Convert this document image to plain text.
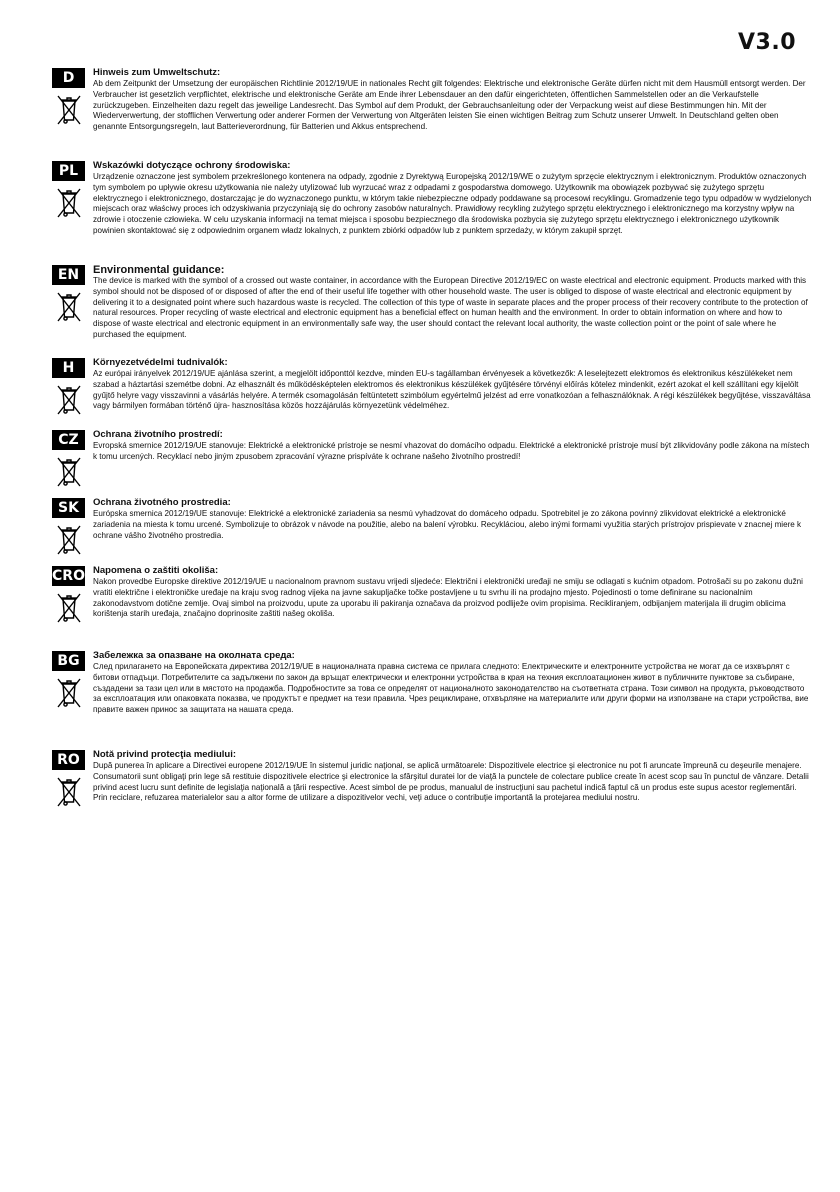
V3.0
D	Hinweis zum Umweltschutz:

Ab dem Zeitpunkt der Umsetzung der europäischen Richtlinie 2012/19/UE in nationales Recht gilt folgendes: Elektrische und elektronische Geräte dürfen nicht mit dem Hausmüll entsorgt werden. Der Verbraucher ist gesetzlich verpflichtet, elektrische und elektronische Geräte am Ende ihrer Lebensdauer an den dafür eingerichteten, öffentlichen Sammelstellen oder an die Verkaufstelle zurückzugeben. Einzelheiten dazu regelt das jeweilige Landesrecht. Das Symbol auf dem Produkt, der Gebrauchsanleitung oder der Verpackung weist auf diese Bestimmungen hin. Mit der Wiederverwertung, der stofflichen Verwertung oder anderer Formen der Verwertung von Altgeräten leisten Sie einen wichtigen Beitrag zum Schutz unserer Umwelt. In Deutschland gelten oben genannte Entsorgungsregeln, laut Batterieverordnung, für Batterien und Akkus entsprechend.

PL	Wskazówki dotyczące ochrony środowiska:

Urządzenie oznaczone jest symbolem przekreślonego kontenera na odpady, zgodnie z Dyrektywą Europejską 2012/19/WE o zużytym sprzęcie elektrycznym i elektronicznym. Produktów oznaczonych tym symbolem po upływie okresu użytkowania nie należy utylizować lub wyrzucać wraz z odpadami z gospodarstwa domowego. Użytkownik ma obowiązek pozbywać się zużytego sprzętu elektrycznego i elektronicznego, dostarczając je do wyznaczonego punktu, w którym takie niebezpieczne odpady poddawane są procesowi recyklingu. Gromadzenie tego typu odpadów w wydzielonych miejscach oraz właściwy proces ich odzyskiwania przyczyniają się do ochrony zasobów naturalnych. Prawidłowy recykling zużytego sprzętu elektrycznego i elektronicznego ma korzystny wpływ na zdrowie i otoczenie człowieka. W celu uzyskania informacji na temat miejsca i sposobu bezpiecznego dla środowiska pozbycia się zużytego sprzętu elektrycznego i elektronicznego użytkownik powinien skontaktować się z odpowiednim organem władz lokalnych, z punktem zbiórki odpadów lub z punktem sprzedaży, w którym zakupił sprzęt.

EN	Environmental guidance:

The device is marked with the symbol of a crossed out waste container, in accordance with the European Directive 2012/19/EC on waste electrical and electronic equipment. Products marked with this symbol should not be disposed of or disposed of after the end of their useful life together with other household waste. The user is obliged to dispose of waste electrical and electronic equipment by delivering it to a designated point where such hazardous waste is recycled. The collection of this type of waste in separate places and the proper process of their recovery contribute to the protection of natural resources. Proper recycling of waste electrical and electronic equipment has a beneficial effect on human health and the environment. In order to obtain information on where and how to dispose of waste electrical and electronic equipment in an environmentally safe way, the user should contact the relevant local authority, the waste collection point or the point of sale where he purchased the equipment.

H	Környezetvédelmi tudnivalók:

Az európai irányelvek 2012/19/UE ajánlása szerint, a megjelölt időponttól kezdve, minden EU-s tagállamban érvényesek a következők: A leselejtezett elektromos és elektronikus készülékeket nem szabad a háztartási szemétbe dobni. Az elhasznált és működésképtelen elektromos és elektronikus készülékek gyűjtésére törvényi előírás kötelez mindenkit, ezért azokat el kell szállítani egy kijelölt gyűjtő helyre vagy visszavinni a vásárlás helyére. A termék csomagolásán feltüntetett szimbólum egyértelmű jelzést ad erre vonatkozóan a felhasználóknak. A régi készülékek begyűjtése, visszaváltása vagy bármilyen formában történő újra- hasznosítása közös hozzájárulás környezetünk védelméhez.

CZ	Ochrana životního prostredí:

Evropská smernice 2012/19/UE stanovuje: Elektrické a elektronické prístroje se nesmí vhazovat do domácího odpadu. Elektrické a elektronické prístroje musí být zlikvidovány podle zákona na místech k tomu urcených. Recyklací nebo jiným zpusobem zpracování výrazne prispíváte k ochrane našeho životního prostredí!

SK	Ochrana životného prostredia:

Európska smernica 2012/19/UE stanovuje: Elektrické a elektronické zariadenia sa nesmú vyhadzovat do domáceho odpadu. Spotrebitel je zo zákona povinný zlikvidovat elektrické a elektronické zariadenia na miesta k tomu urcené. Symbolizuje to obrázok v návode na použitie, alebo na balení výrobku. Recykláciou, alebo inými formami využitia starých prístrojov prispievate v znacnej miere k ochrane vášho životného prostredia.

CRO Napomena o zaštiti okoliša:

Nakon provedbe Europske direktive 2012/19/UE u nacionalnom pravnom sustavu vrijedi sljedeće: Električni i elektronički uređaji ne smiju se odlagati s kućnim otpadom. Potrošači su po zakonu dužni vratiti električne i elektroničke uređaje na kraju svog radnog vijeka na javne sakupljačke točke postavljene u tu svrhu ili na prodajno mjesto. Pojedinosti o tome definirane su nacionalnim zakonodavstvom dotične zemlje. Ovaj simbol na proizvodu, upute za uporabu ili pakiranja označava da proizvod podliježe ovim propisima. Recikliranjem, odbijanjem materijala ili drugim oblicima korištenja starih uređaja, značajno doprinosite zaštiti našeg okoliša.

BG	Забележка за опазване на околната среда:

След прилагането на Европейската директива 2012/19/UE в националната правна система се прилага следното: Електрическите и електронните устройства не могат да се изхвърлят с битови отпадъци. Потребителите са задължени по закон да връщат електрически и електронни устройства в края на техния експлоатационен живот в публичните пунктове за събиране, създадени за тази цел или в мястото на продажба. Подробностите за това се определят от националното законодателство на съответната страна. Този символ на продукта, ръководството за експлоатация или опаковката показва, че продуктът е предмет на тези правила. Чрез рециклиране, отхвърляне на материалите или други форми на използване на стари устройства, вие правите важен принос за защитата на нашата среда.

RO	Notă privind protecţia mediului:

După punerea în aplicare a Directivei europene 2012/19/UE în sistemul juridic naţional, se aplică următoarele: Dispozitivele electrice şi electronice nu pot fi aruncate împreună cu deşeurile menajere. Consumatorii sunt obligaţi prin lege să restituie dispozitivele electrice şi electronice la sfârşitul duratei lor de viaţă la punctele de colectare publice create în acest scop sau în punctul de vânzare. Detalii privind acest lucru sunt definite de legislaţia naţională a ţării respective. Acest simbol de pe produs, manualul de instrucţiuni sau pachetul indică faptul că un produs este supus acestor reglementări. Prin reciclare, refuzarea materialelor sau a altor forme de utilizare a dispozitivelor vechi, veţi aduce o contribuţie importantă la protejarea mediului nostru.
